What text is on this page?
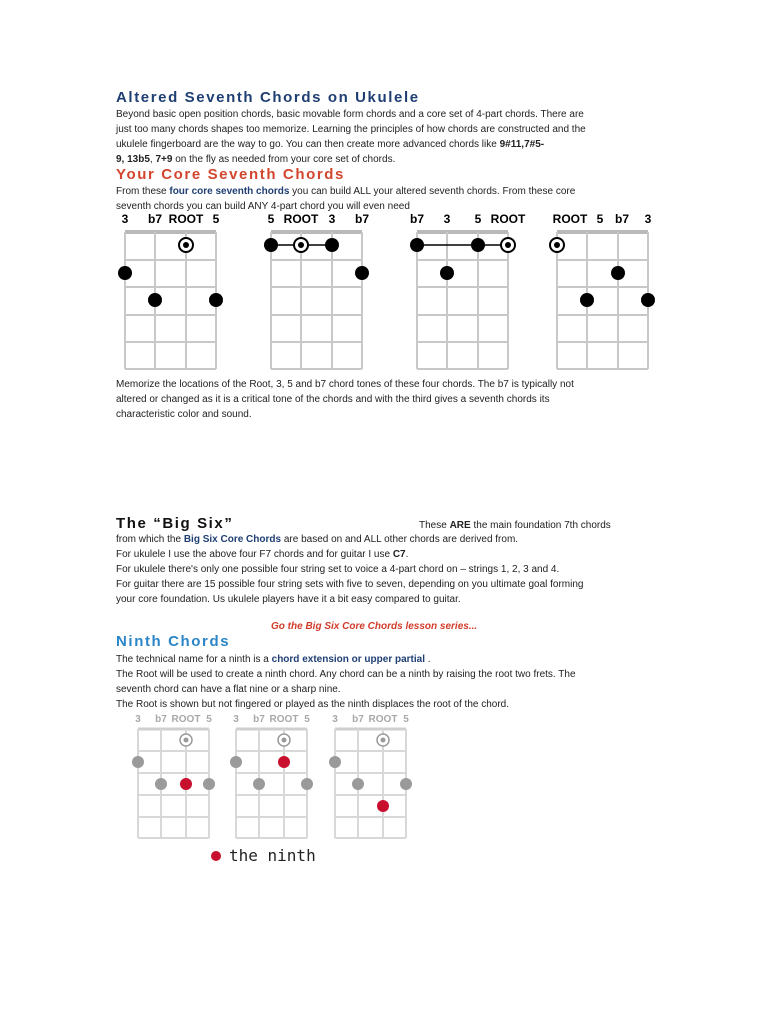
Altered Seventh Chords on Ukulele
Beyond basic open position chords, basic movable form chords and a core set of 4-part chords. There are
just too many chords shapes too memorize. Learning the principles of how chords are constructed and the
ukulele fingerboard are the way to go. You can then create more advanced chords like 9#11,7#5-
9, 13b5, 7+9 on the fly as needed from your core set of chords.
Your Core Seventh Chords
From these four core seventh chords you can build ALL your altered seventh chords. From these core
seventh chords you can build ANY 4-part chord you will even need
3 b7 ROOT 5	5 ROOT 3 b7	b7 3 5 ROOT ROOT 5 b7 3
Memorize the locations of the Root, 3, 5 and b7 chord tones of these four chords. The b7 is typically not
altered or changed as it is a critical tone of the chords and with the third gives a seventh chords its
characteristic color and sound.
The “Big Six”	These ARE the main foundation 7th chords
from which the Big Six Core Chords are based on and ALL other chords are derived from.
For ukulele I use the above four F7 chords and for guitar I use C7.
For ukulele there's only one possible four string set to voice a 4-part chord on – strings 1, 2, 3 and 4.
For guitar there are 15 possible four string sets with five to seven, depending on you ultimate goal forming
your core foundation. Us ukulele players have it a bit easy compared to guitar.
Go the Big Six Core Chords lesson series...
Ninth Chords
The technical name for a ninth is a chord extension or upper partial .
The Root will be used to create a ninth chord. Any chord can be a ninth by raising the root two frets. The
seventh chord can have a flat nine or a sharp nine.
The Root is shown but not fingered or played as the ninth displaces the root of the chord.
3 b7 ROOT 5 3 b7 ROOT 5 3 b7 ROOT 5
the ninth
